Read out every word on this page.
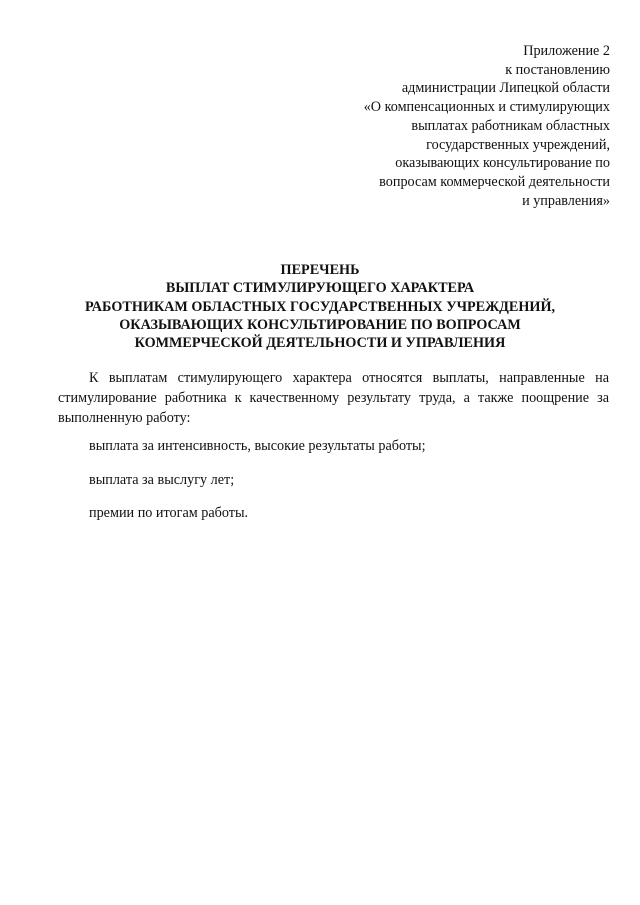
Приложение 2
к постановлению
администрации Липецкой области
«О компенсационных и стимулирующих
выплатах работникам областных
государственных учреждений,
оказывающих консультирование по
вопросам коммерческой деятельности
и управления»
ПЕРЕЧЕНЬ
ВЫПЛАТ СТИМУЛИРУЮЩЕГО ХАРАКТЕРА
РАБОТНИКАМ ОБЛАСТНЫХ ГОСУДАРСТВЕННЫХ УЧРЕЖДЕНИЙ,
ОКАЗЫВАЮЩИХ КОНСУЛЬТИРОВАНИЕ ПО ВОПРОСАМ
КОММЕРЧЕСКОЙ ДЕЯТЕЛЬНОСТИ И УПРАВЛЕНИЯ
К выплатам стимулирующего характера относятся выплаты, направленные на
стимулирование работника к качественному результату труда, а также поощрение за
выполненную работу:
выплата за интенсивность, высокие результаты работы;
выплата за выслугу лет;
премии по итогам работы.
